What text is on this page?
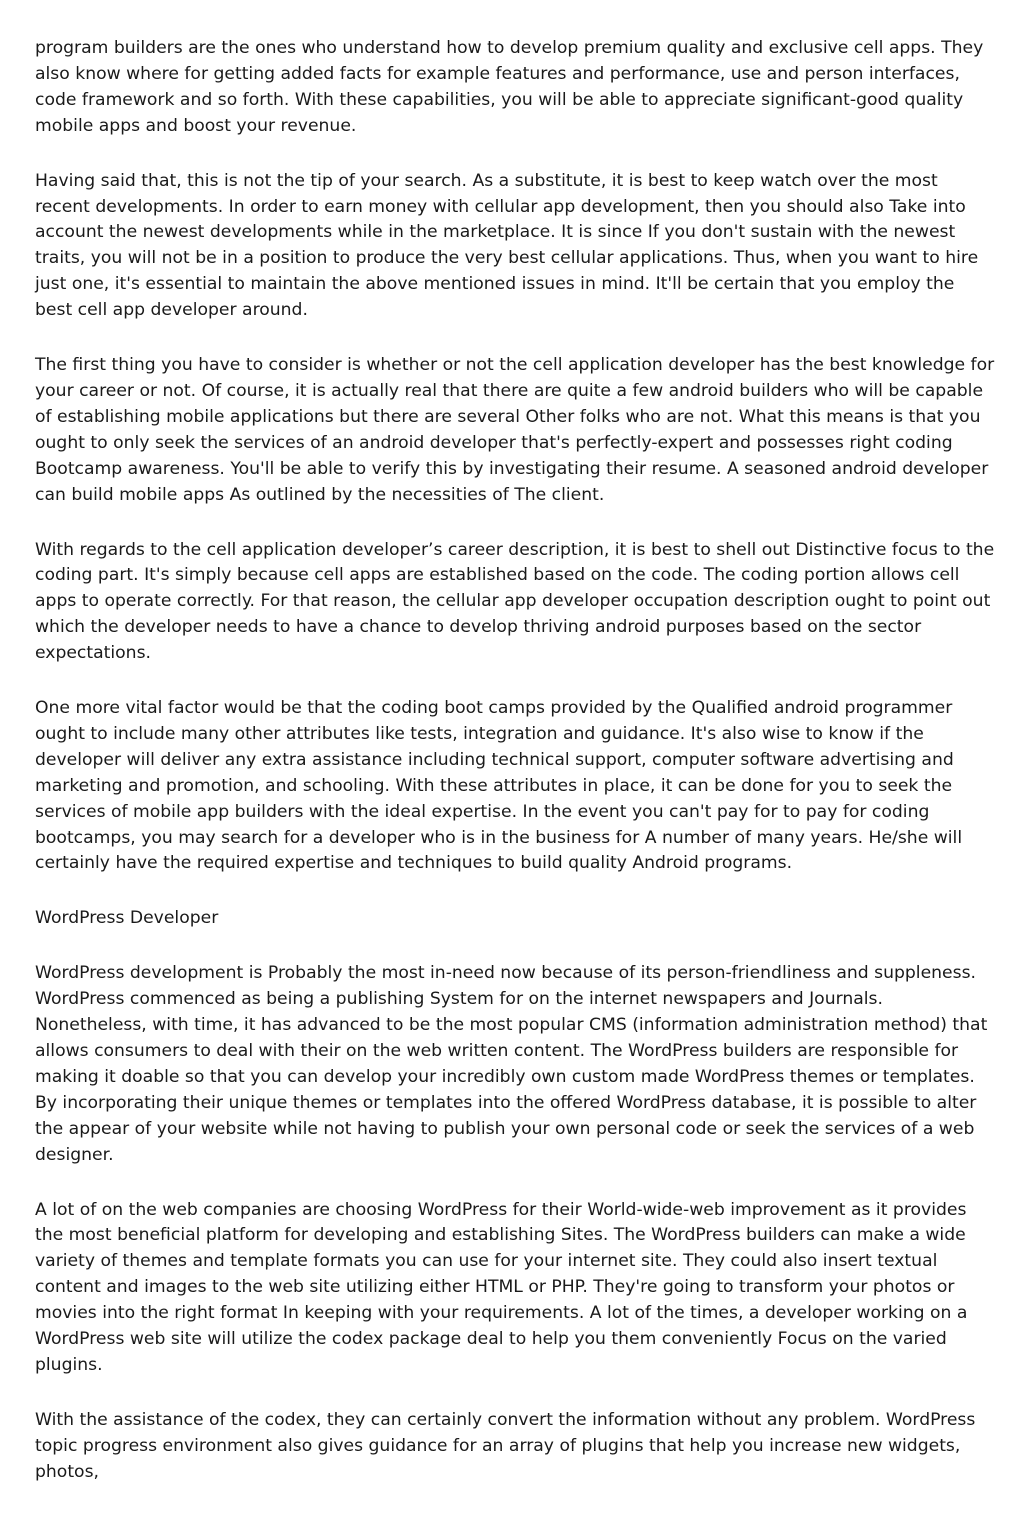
program builders are the ones who understand how to develop premium quality and exclusive cell apps. They also know where for getting added facts for example features and performance, use and person interfaces, code framework and so forth. With these capabilities, you will be able to appreciate significant-good quality mobile apps and boost your revenue.

Having said that, this is not the tip of your search. As a substitute, it is best to keep watch over the most recent developments. In order to earn money with cellular app development, then you should also Take into account the newest developments while in the marketplace. It is since If you don't sustain with the newest traits, you will not be in a position to produce the very best cellular applications. Thus, when you want to hire just one, it's essential to maintain the above mentioned issues in mind. It'll be certain that you employ the best cell app developer around.

The first thing you have to consider is whether or not the cell application developer has the best knowledge for your career or not. Of course, it is actually real that there are quite a few android builders who will be capable of establishing mobile applications but there are several Other folks who are not. What this means is that you ought to only seek the services of an android developer that's perfectly-expert and possesses right coding Bootcamp awareness. You'll be able to verify this by investigating their resume. A seasoned android developer can build mobile apps As outlined by the necessities of The client.

With regards to the cell application developer’s career description, it is best to shell out Distinctive focus to the coding part. It's simply because cell apps are established based on the code. The coding portion allows cell apps to operate correctly. For that reason, the cellular app developer occupation description ought to point out which the developer needs to have a chance to develop thriving android purposes based on the sector expectations.

One more vital factor would be that the coding boot camps provided by the Qualified android programmer ought to include many other attributes like tests, integration and guidance. It's also wise to know if the developer will deliver any extra assistance including technical support, computer software advertising and marketing and promotion, and schooling. With these attributes in place, it can be done for you to seek the services of mobile app builders with the ideal expertise. In the event you can't pay for to pay for coding bootcamps, you may search for a developer who is in the business for A number of many years. He/she will certainly have the required expertise and techniques to build quality Android programs.

WordPress Developer

WordPress development is Probably the most in-need now because of its person-friendliness and suppleness. WordPress commenced as being a publishing System for on the internet newspapers and Journals. Nonetheless, with time, it has advanced to be the most popular CMS (information administration method) that allows consumers to deal with their on the web written content. The WordPress builders are responsible for making it doable so that you can develop your incredibly own custom made WordPress themes or templates. By incorporating their unique themes or templates into the offered WordPress database, it is possible to alter the appear of your website while not having to publish your own personal code or seek the services of a web designer.

A lot of on the web companies are choosing WordPress for their World-wide-web improvement as it provides the most beneficial platform for developing and establishing Sites. The WordPress builders can make a wide variety of themes and template formats you can use for your internet site. They could also insert textual content and images to the web site utilizing either HTML or PHP. They're going to transform your photos or movies into the right format In keeping with your requirements. A lot of the times, a developer working on a WordPress web site will utilize the codex package deal to help you them conveniently Focus on the varied plugins.

With the assistance of the codex, they can certainly convert the information without any problem. WordPress topic progress environment also gives guidance for an array of plugins that help you increase new widgets, photos,
